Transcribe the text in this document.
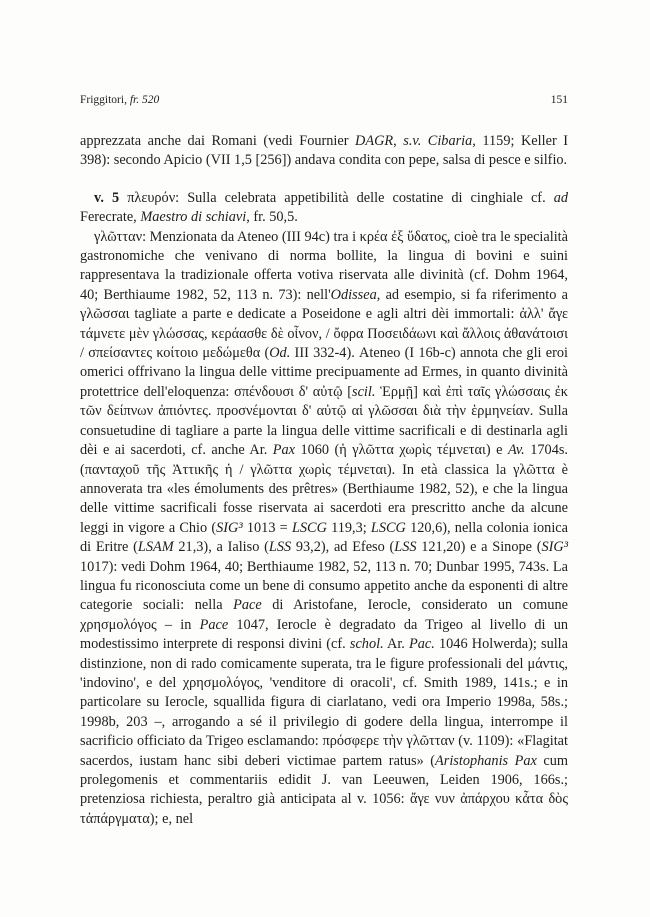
Friggitori, fr. 520	151

apprezzata anche dai Romani (vedi Fournier DAGR, s.v. Cibaria, 1159; Keller I 398): secondo Apicio (VII 1,5 [256]) andava condita con pepe, salsa di pesce e silfio.

v. 5 πλευρόν: Sulla celebrata appetibilità delle costatine di cinghiale cf. ad Ferecrate, Maestro di schiavi, fr. 50,5.

γλῶτταν: Menzionata da Ateneo (III 94c) tra i κρέα ἐξ ὕδατος, cioè tra le specialità gastronomiche che venivano di norma bollite, la lingua di bovini e suini rappresentava la tradizionale offerta votiva riservata alle divinità (cf. Dohm 1964, 40; Berthiaume 1982, 52, 113 n. 73): nell'Odissea, ad esempio, si fa riferimento a γλῶσσαι tagliate a parte e dedicate a Poseidone e agli altri dèi immortali: ἀλλ' ἄγε τάμνετε μὲν γλώσσας, κεράασθε δὲ οἶνον, / ὄφρα Ποσειδάωνι καὶ ἄλλοις ἀθανάτοισι / σπείσαντες κοίτοιο μεδώμεθα (Od. III 332-4). Ateneo (I 16b-c) annota che gli eroi omerici offrivano la lingua delle vittime precipuamente ad Ermes, in quanto divinità protettrice dell'eloquenza: σπένδουσι δ' αὐτῷ [scil. Ἑρμῇ] καὶ ἐπὶ ταῖς γλώσσαις ἐκ τῶν δείπνων ἀπιόντες. προσνέμονται δ' αὐτῷ αἱ γλῶσσαι διὰ τὴν ἑρμηνείαν. Sulla consuetudine di tagliare a parte la lingua delle vittime sacrificali e di destinarla agli dèi e ai sacerdoti, cf. anche Ar. Pax 1060 (ἡ γλῶττα χωρὶς τέμνεται) e Av. 1704s. (πανταχοῦ τῆς Ἀττικῆς ἡ / γλῶττα χωρὶς τέμνεται). In età classica la γλῶττα è annoverata tra «les émoluments des prêtres» (Berthiaume 1982, 52), e che la lingua delle vittime sacrificali fosse riservata ai sacerdoti era prescritto anche da alcune leggi in vigore a Chio (SIG³ 1013 = LSCG 119,3; LSCG 120,6), nella colonia ionica di Eritre (LSAM 21,3), a Ialiso (LSS 93,2), ad Efeso (LSS 121,20) e a Sinope (SIG³ 1017): vedi Dohm 1964, 40; Berthiaume 1982, 52, 113 n. 70; Dunbar 1995, 743s. La lingua fu riconosciuta come un bene di consumo appetito anche da esponenti di altre categorie sociali: nella Pace di Aristofane, Ierocle, considerato un comune χρησμολόγος – in Pace 1047, Ierocle è degradato da Trigeo al livello di un modestissimo interprete di responsi divini (cf. schol. Ar. Pac. 1046 Holwerda); sulla distinzione, non di rado comicamente superata, tra le figure professionali del μάντις, 'indovino', e del χρησμολόγος, 'venditore di oracoli', cf. Smith 1989, 141s.; e in particolare su Ierocle, squallida figura di ciarlatano, vedi ora Imperio 1998a, 58s.; 1998b, 203 –, arrogando a sé il privilegio di godere della lingua, interrompe il sacrificio officiato da Trigeo esclamando: πρόσφερε τὴν γλῶτταν (v. 1109): «Flagitat sacerdos, iustam hanc sibi deberi victimae partem ratus» (Aristophanis Pax cum prolegomenis et commentariis edidit J. van Leeuwen, Leiden 1906, 166s.; pretenziosa richiesta, peraltro già anticipata al v. 1056: ἄγε νυν ἀπάρχου κἆτα δὸς τἀπάργματα); e, nel
